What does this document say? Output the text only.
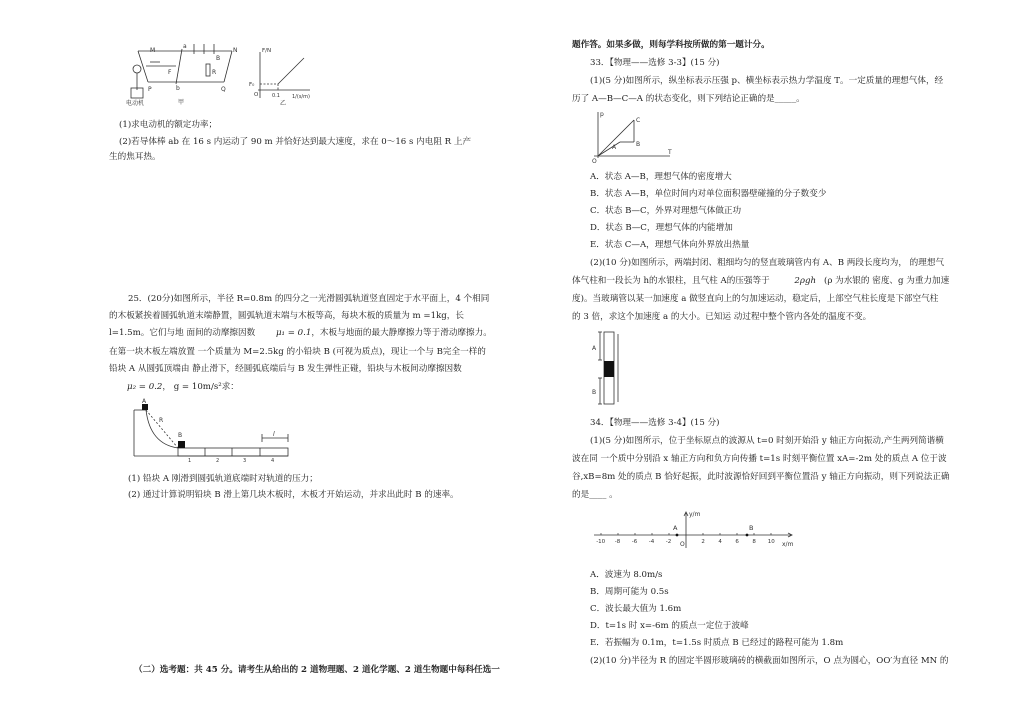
M	N
a
b
B
F	R
P	Q
电动机	甲
F/N
1/(s/m)
F₀
O	0.1
乙
(1)求电动机的额定功率；
(2)若导体棒 ab 在 16 s 内运动了 90 m 并恰好达到最大速度，求在 0～16 s 内电阻 R 上产
生的焦耳热。
25．(20分)如图所示，半径 R=0.8m 的四分之一光滑圆弧轨道竖直固定于水平面上，4 个相同
的木板紧挨着圆弧轨道末端静置，圆弧轨道末端与木板等高，每块木板的质量为 m =1kg，长
l=1.5m。它们与地 面间的动摩擦因数 μ₁ = 0.1，木板与地面的最大静摩擦力等于滑动摩擦力。
在第一块木板左端放置 一个质量为 M=2.5kg 的小铅块 B (可视为质点)，现让一个与 B完全一样的
铅块 A 从圆弧顶端由 静止滑下，经圆弧底端后与 B 发生弹性正碰，铅块与木板间动摩擦因数
μ₂ = 0.2， g = 10m/s²求：
A
R
B
1	2	3	4
l
(1) 铅块 A 刚滑到圆弧轨道底端时对轨道的压力；
(2) 通过计算说明铅块 B 滑上第几块木板时，木板才开始运动，并求出此时 B 的速率。
（二）选考题：共 45 分。请考生从给出的 2 道物理题、2 道化学题、2 道生物题中每科任选一
题作答。如果多做，则每学科按所做的第一题计分。
33．【物理——选修 3-3】(15 分)
(1)(5 分)如图所示，纵坐标表示压强 p、横坐标表示热力学温度 T。一定质量的理想气体，经
历了 A—B—C—A 的状态变化，则下列结论正确的是_____。
p
T
O
A	B
C
A．状态 A—B，理想气体的密度增大
B．状态 A—B，单位时间内对单位面积器壁碰撞的分子数变少
C．状态 B—C，外界对理想气体做正功
D．状态 B—C，理想气体的内能增加
E．状态 C—A，理想气体向外界放出热量
(2)(10 分)如图所示，两端封闭、粗细均匀的竖直玻璃管内有 A、B 两段长度均为， 的理想气
体气柱和一段长为 h的水银柱，且气柱 A的压强等于	2ρgh (ρ 为水银的 密度、g 为重力加速
度)。当玻璃管以某一加速度 a 做竖直向上的匀加速运动，稳定后，上部空气柱长度是下部空气柱
的 3 倍，求这个加速度 a 的大小。已知运 动过程中整个管内各处的温度不变。
A
B
34．【物理——选修 3-4】(15 分)
(1)(5 分)如图所示，位于坐标原点的波源从 t=0 时刻开始沿 y 轴正方向振动,产生两列简谐横
波在同 一个质中分别沿 x 轴正方向和负方向传播 t=1s 时刻平衡位置 xA=-2m 处的质点 A 位于波
谷,xB=8m 处的质点 B 恰好起振，此时波源恰好回到平衡位置沿 y 轴正方向振动，则下列说法正确
的是____ 。
-10 -8 -6 -4 -2	2 4 6 8 10
y/m
x/m
O
A	B
A．波速为 8.0m/s
B．周期可能为 0.5s
C．波长最大值为 1.6m
D．t=1s 时 x=-6m 的质点一定位于波峰
E．若振幅为 0.1m，t=1.5s 时质点 B 已经过的路程可能为 1.8m
(2)(10 分)半径为 R 的固定半圆形玻璃砖的横截面如图所示，O 点为圆心，OO′为直径 MN 的
